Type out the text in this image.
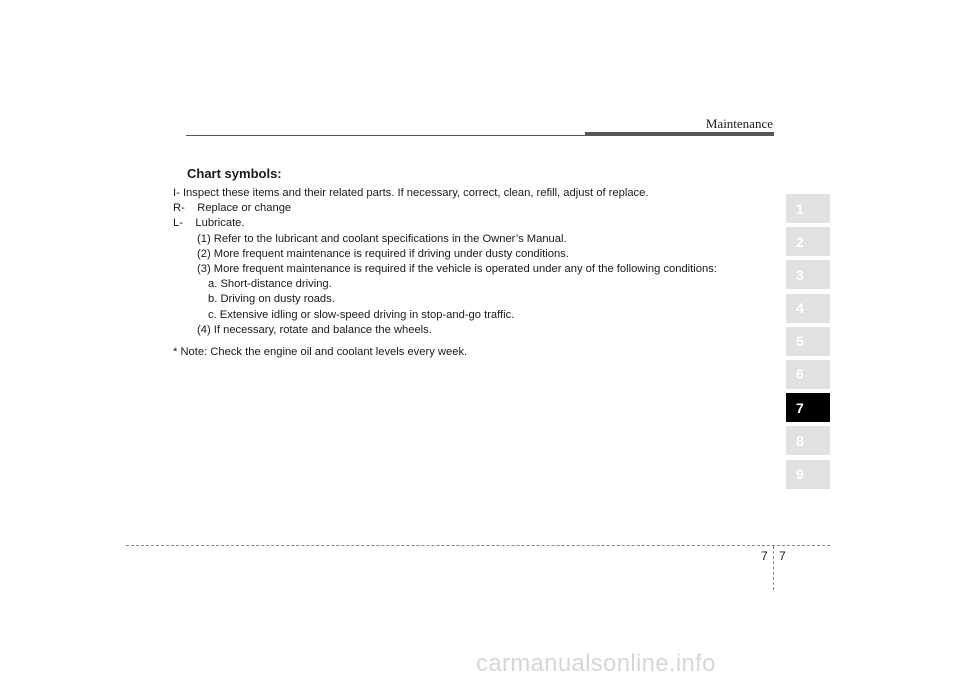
Maintenance
Chart symbols:
I- Inspect these items and their related parts. If necessary, correct, clean, refill, adjust of replace.
R-    Replace or change
L-    Lubricate.
(1) Refer to the lubricant and coolant specifications in the Owner’s Manual.
(2) More frequent maintenance is required if driving under dusty conditions.
(3) More frequent maintenance is required if the vehicle is operated under any of the following conditions:
a. Short-distance driving.
b. Driving on dusty roads.
c. Extensive idling or slow-speed driving in stop-and-go traffic.
(4) If necessary, rotate and balance the wheels.
* Note: Check the engine oil and coolant levels every week.
1
2
3
4
5
6
7
8
9
7 7
carmanualsonline.info
